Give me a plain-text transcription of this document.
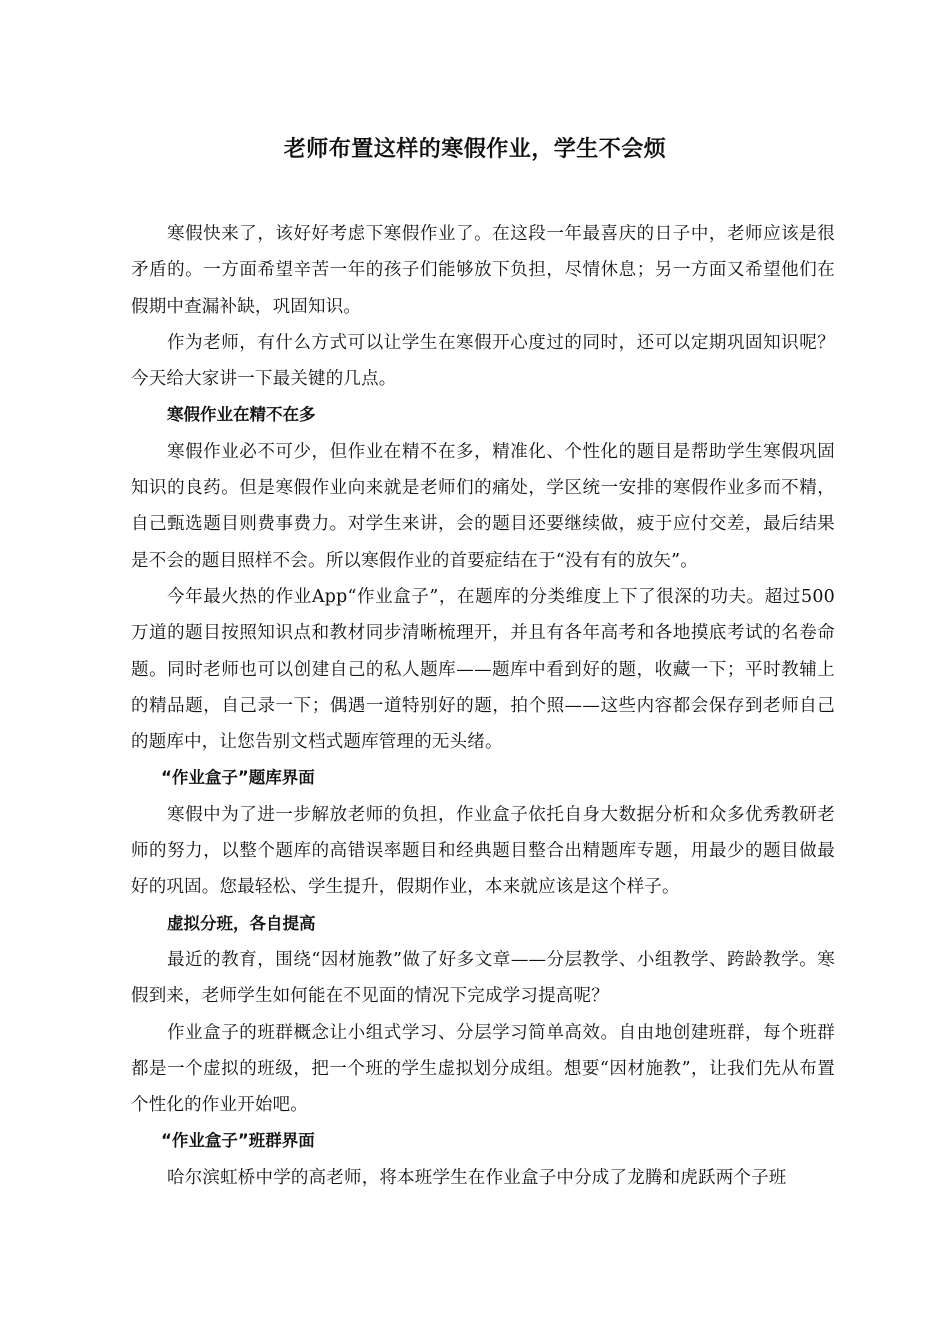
老师布置这样的寒假作业，学生不会烦

寒假快来了，该好好考虑下寒假作业了。在这段一年最喜庆的日子中，老师应该是很矛盾的。一方面希望辛苦一年的孩子们能够放下负担，尽情休息；另一方面又希望他们在假期中查漏补缺，巩固知识。

作为老师，有什么方式可以让学生在寒假开心度过的同时，还可以定期巩固知识呢？今天给大家讲一下最关键的几点。

寒假作业在精不在多

寒假作业必不可少，但作业在精不在多，精准化、个性化的题目是帮助学生寒假巩固知识的良药。但是寒假作业向来就是老师们的痛处，学区统一安排的寒假作业多而不精，自己甄选题目则费事费力。对学生来讲，会的题目还要继续做，疲于应付交差，最后结果是不会的题目照样不会。所以寒假作业的首要症结在于“没有有的放矢”。

今年最火热的作业App“作业盒子”，在题库的分类维度上下了很深的功夫。超过500万道的题目按照知识点和教材同步清晰梳理开，并且有各年高考和各地摸底考试的名卷命题。同时老师也可以创建自己的私人题库——题库中看到好的题，收藏一下；平时教辅上的精品题，自己录一下；偶遇一道特别好的题，拍个照——这些内容都会保存到老师自己的题库中，让您告别文档式题库管理的无头绪。

“作业盒子”题库界面

寒假中为了进一步解放老师的负担，作业盒子依托自身大数据分析和众多优秀教研老师的努力，以整个题库的高错误率题目和经典题目整合出精题库专题，用最少的题目做最好的巩固。您最轻松、学生提升，假期作业，本来就应该是这个样子。

虚拟分班，各自提高

最近的教育，围绕“因材施教”做了好多文章——分层教学、小组教学、跨龄教学。寒假到来，老师学生如何能在不见面的情况下完成学习提高呢？

作业盒子的班群概念让小组式学习、分层学习简单高效。自由地创建班群，每个班群都是一个虚拟的班级，把一个班的学生虚拟划分成组。想要“因材施教”，让我们先从布置个性化的作业开始吧。

“作业盒子”班群界面

哈尔滨虹桥中学的高老师，将本班学生在作业盒子中分成了龙腾和虎跃两个子班
